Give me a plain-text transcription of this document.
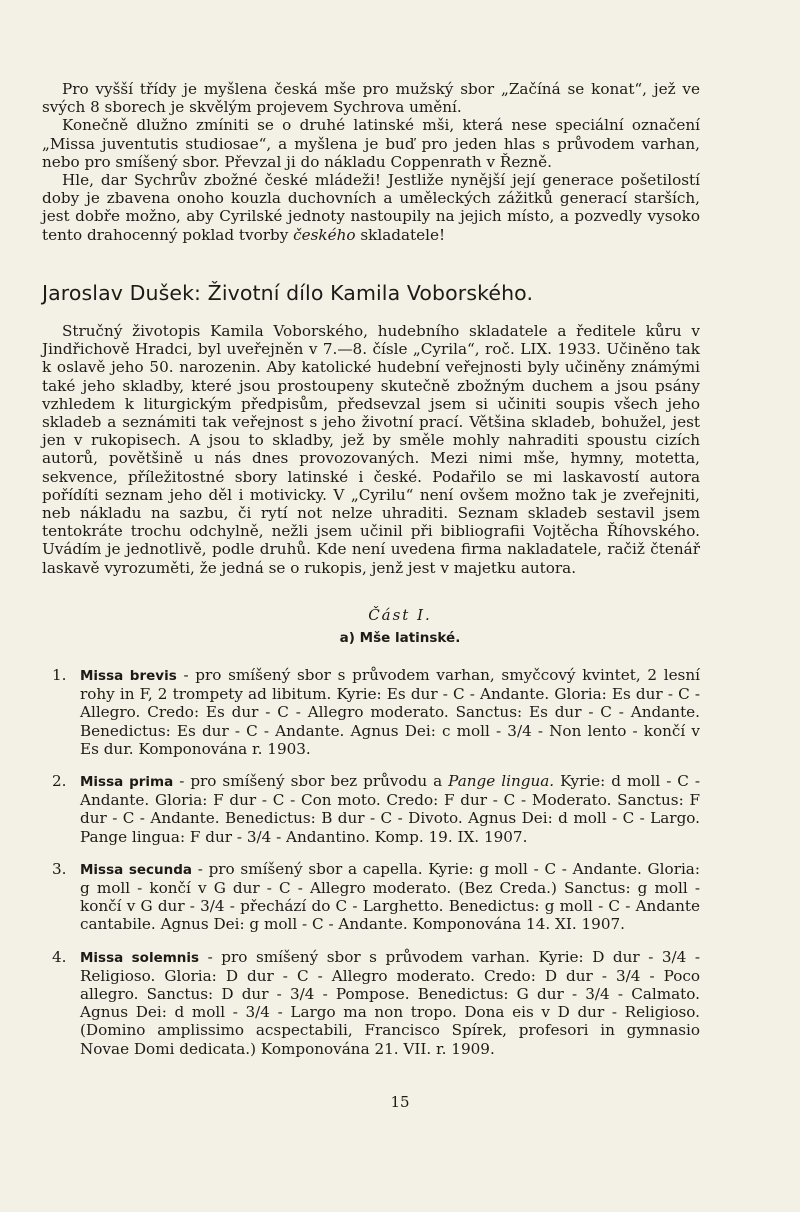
Pro vyšší třídy je myšlena česká mše pro mužský sbor „Začíná se konat“, jež ve svých 8 sborech je skvělým projevem Sychrova umění.

Konečně dlužno zmíniti se o druhé latinské mši, která nese speciální označení „Missa juventutis studiosae“, a myšlena je buď pro jeden hlas s průvodem varhan, nebo pro smíšený sbor. Převzal ji do nákladu Coppenrath v Řezně.

Hle, dar Sychrův zbožné české mládeži! Jestliže nynější její generace pošetilostí doby je zbavena onoho kouzla duchovních a uměleckých zážitků generací starších, jest dobře možno, aby Cyrilské jednoty nastoupily na jejich místo, a pozvedly vysoko tento drahocenný poklad tvorby českého skladatele!

Jaroslav Dušek: Životní dílo Kamila Voborského.

Stručný životopis Kamila Voborského, hudebního skladatele a ředitele kůru v Jindřichově Hradci, byl uveřejněn v 7.—8. čísle „Cyrila“, roč. LIX. 1933. Učiněno tak k oslavě jeho 50. narozenin. Aby katolické hudební veřejnosti byly učiněny známými také jeho skladby, které jsou prostoupeny skutečně zbožným duchem a jsou psány vzhledem k liturgickým předpisům, předsevzal jsem si učiniti soupis všech jeho skladeb a seznámiti tak veřejnost s jeho životní prací. Většina skladeb, bohužel, jest jen v rukopisech. A jsou to skladby, jež by směle mohly nahraditi spoustu cizích autorů, povětšině u nás dnes provozovaných. Mezi nimi mše, hymny, motetta, sekvence, příležitostné sbory latinské i české. Podařilo se mi laskavostí autora pořídíti seznam jeho děl i motivicky. V „Cyrilu“ není ovšem možno tak je zveřejniti, neb nákladu na sazbu, či rytí not nelze uhraditi. Seznam skladeb sestavil jsem tentokráte trochu odchylně, nežli jsem učinil při bibliografii Vojtěcha Říhovského. Uvádím je jednotlivě, podle druhů. Kde není uvedena firma nakladatele, račiž čtenář laskavě vyrozuměti, že jedná se o rukopis, jenž jest v majetku autora.

Část I.
a) Mše latinské.
1.	Missa brevis - pro smíšený sbor s průvodem varhan, smyčcový kvintet, 2 lesní rohy in F, 2 trompety ad libitum. Kyrie: Es dur - C - Andante. Gloria: Es dur - C - Allegro. Credo: Es dur - C - Allegro moderato. Sanctus: Es dur - C - Andante. Benedictus: Es dur - C - Andante. Agnus Dei: c moll - 3/4 - Non lento - končí v Es dur. Komponována r. 1903.

2.	Missa prima - pro smíšený sbor bez průvodu a Pange lingua. Kyrie: d moll - C - Andante. Gloria: F dur - C - Con moto. Credo: F dur - C - Moderato. Sanctus: F dur - C - Andante. Benedictus: B dur - C - Divoto. Agnus Dei: d moll - C - Largo. Pange lingua: F dur - 3/4 - Andantino. Komp. 19. IX. 1907.

3.	Missa secunda - pro smíšený sbor a capella. Kyrie: g moll - C - Andante. Gloria: g moll - končí v G dur - C - Allegro moderato. (Bez Creda.) Sanctus: g moll - končí v G dur - 3/4 - přechází do C - Larghetto. Benedictus: g moll - C - Andante cantabile. Agnus Dei: g moll - C - Andante. Komponována 14. XI. 1907.

4.	Missa solemnis - pro smíšený sbor s průvodem varhan. Kyrie: D dur - 3/4 - Religioso. Gloria: D dur - C - Allegro moderato. Credo: D dur - 3/4 - Poco allegro. Sanctus: D dur - 3/4 - Pompose. Benedictus: G dur - 3/4 - Calmato. Agnus Dei: d moll - 3/4 - Largo ma non tropo. Dona eis v D dur - Religioso. (Domino amplissimo acspectabili, Francisco Spírek, profesori in gymnasio Novae Domi dedicata.) Komponována 21. VII. r. 1909.

15
